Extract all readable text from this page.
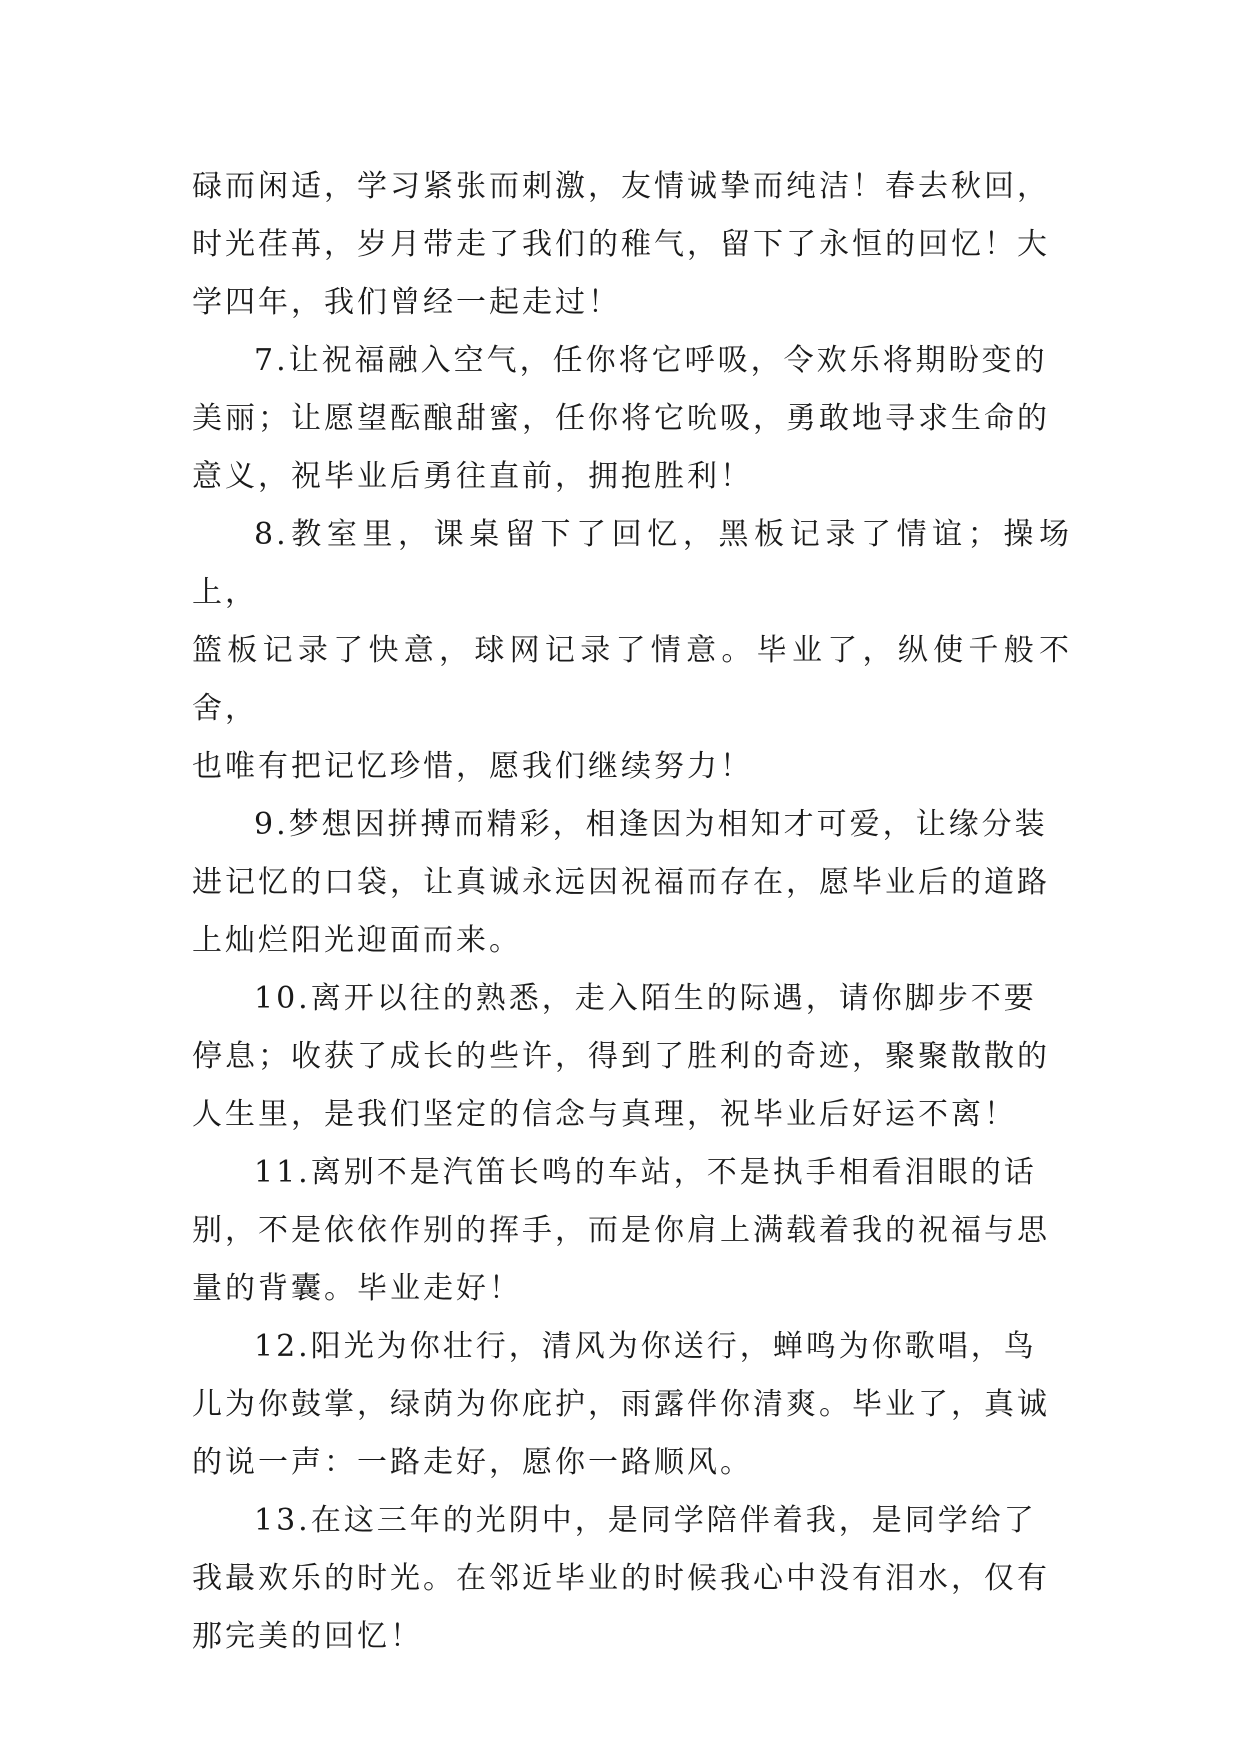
碌而闲适，学习紧张而刺激，友情诚挚而纯洁！春去秋回，
时光荏苒，岁月带走了我们的稚气，留下了永恒的回忆！大
学四年，我们曾经一起走过！
7.让祝福融入空气，任你将它呼吸，令欢乐将期盼变的
美丽；让愿望酝酿甜蜜，任你将它吮吸，勇敢地寻求生命的
意义，祝毕业后勇往直前，拥抱胜利！
8.教室里，课桌留下了回忆，黑板记录了情谊；操场上，
篮板记录了快意，球网记录了情意。毕业了，纵使千般不舍，
也唯有把记忆珍惜，愿我们继续努力！
9.梦想因拼搏而精彩，相逢因为相知才可爱，让缘分装
进记忆的口袋，让真诚永远因祝福而存在，愿毕业后的道路
上灿烂阳光迎面而来。
10.离开以往的熟悉，走入陌生的际遇，请你脚步不要
停息；收获了成长的些许，得到了胜利的奇迹，聚聚散散的
人生里，是我们坚定的信念与真理，祝毕业后好运不离！
11.离别不是汽笛长鸣的车站，不是执手相看泪眼的话
别，不是依依作别的挥手，而是你肩上满载着我的祝福与思
量的背囊。毕业走好！
12.阳光为你壮行，清风为你送行，蝉鸣为你歌唱，鸟
儿为你鼓掌，绿荫为你庇护，雨露伴你清爽。毕业了，真诚
的说一声：一路走好，愿你一路顺风。
13.在这三年的光阴中，是同学陪伴着我，是同学给了
我最欢乐的时光。在邻近毕业的时候我心中没有泪水，仅有
那完美的回忆！
